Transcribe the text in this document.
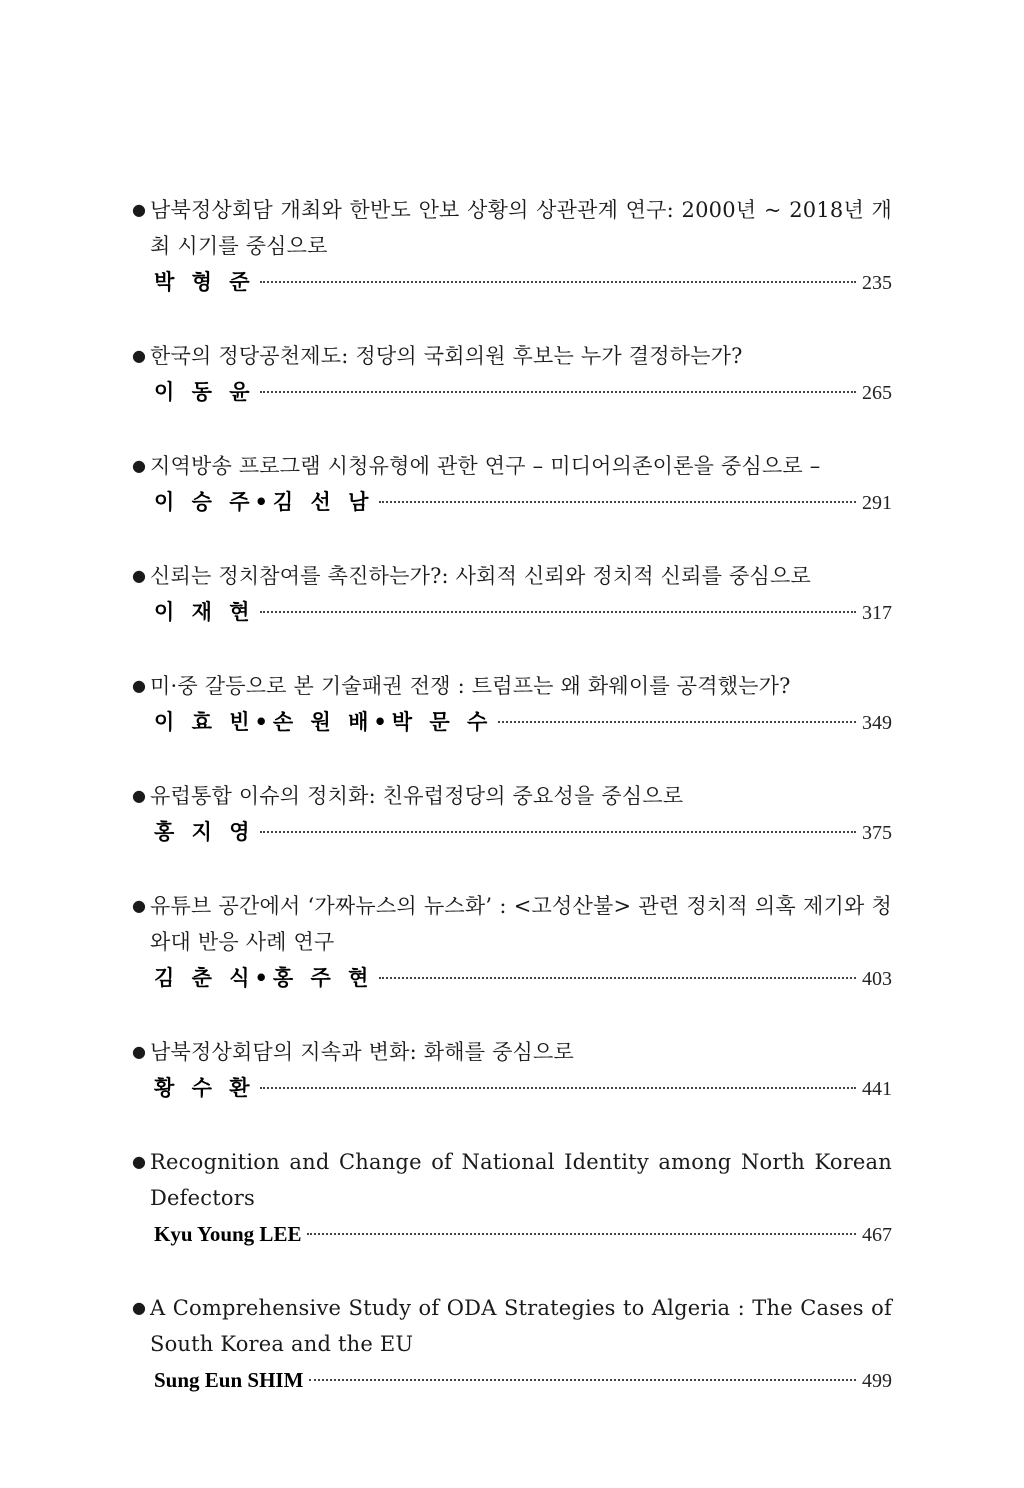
● 남북정상회담 개최와 한반도 안보 상황의 상관관계 연구: 2000년 ~ 2018년 개최 시기를 중심으로
박 형 준	235
● 한국의 정당공천제도: 정당의 국회의원 후보는 누가 결정하는가?
이 동 윤	265
● 지역방송 프로그램 시청유형에 관한 연구 – 미디어의존이론을 중심으로 –
이 승 주•김 선 남	291
● 신뢰는 정치참여를 촉진하는가?: 사회적 신뢰와 정치적 신뢰를 중심으로
이 재 현	317
● 미·중 갈등으로 본 기술패권 전쟁 : 트럼프는 왜 화웨이를 공격했는가?
이 효 빈•손 원 배•박 문 수	349
● 유럽통합 이슈의 정치화: 친유럽정당의 중요성을 중심으로
홍 지 영	375
● 유튜브 공간에서 ‘가짜뉴스의 뉴스화’ : <고성산불> 관련 정치적 의혹 제기와 청와대 반응 사례 연구
김 춘 식•홍 주 현	403
● 남북정상회담의 지속과 변화: 화해를 중심으로
황 수 환	441
● Recognition and Change of National Identity among North Korean Defectors
Kyu Young LEE	467
● A Comprehensive Study of ODA Strategies to Algeria : The Cases of South Korea and the EU
Sung Eun SHIM	499
